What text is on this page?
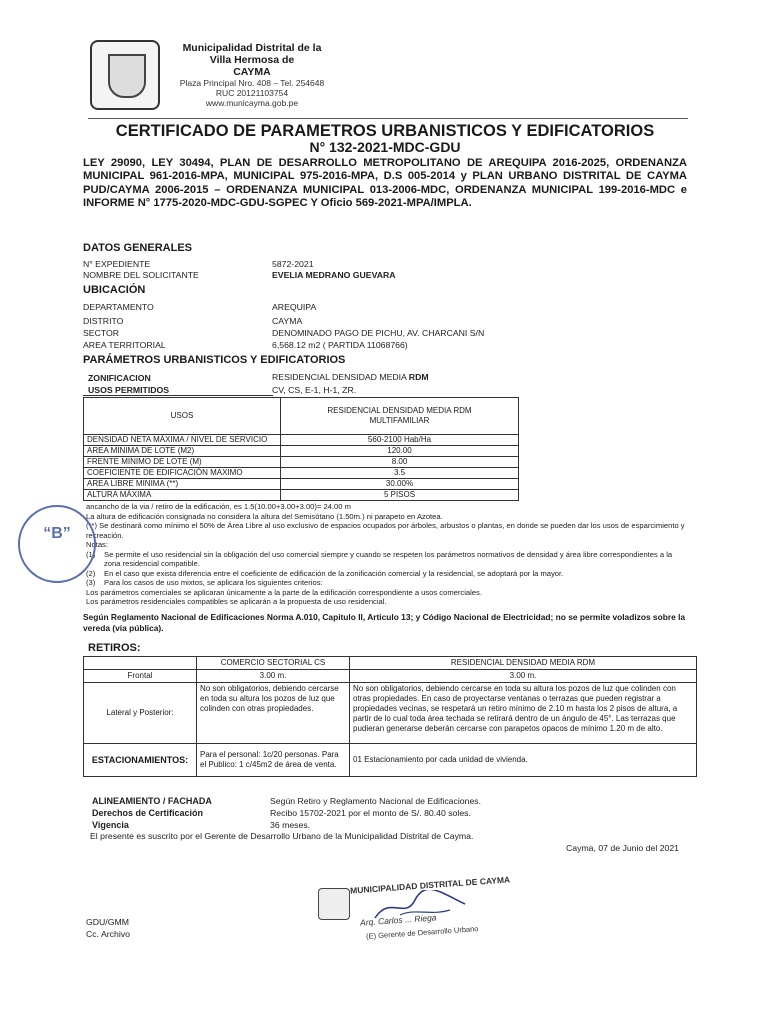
Municipalidad Distrital de la
Villa Hermosa de
CAYMA
Plaza Principal Nro. 408 – Tel. 254648
RUC 20121103754
www.municayma.gob.pe
CERTIFICADO DE PARAMETROS URBANISTICOS Y EDIFICATORIOS
N° 132-2021-MDC-GDU
LEY 29090, LEY 30494, PLAN DE DESARROLLO METROPOLITANO DE AREQUIPA 2016-2025, ORDENANZA MUNICIPAL 961-2016-MPA, MUNICIPAL 975-2016-MPA, D.S 005-2014 y PLAN URBANO DISTRITAL DE CAYMA PUD/CAYMA 2006-2015 – ORDENANZA MUNICIPAL 013-2006-MDC, ORDENANZA MUNICIPAL 199-2016-MDC e INFORME N° 1775-2020-MDC-GDU-SGPEC Y Oficio 569-2021-MPA/IMPLA.
DATOS GENERALES
N° EXPEDIENTE	5872-2021
NOMBRE DEL SOLICITANTE	EVELIA MEDRANO GUEVARA
UBICACIÓN
DEPARTAMENTO	AREQUIPA
DISTRITO	CAYMA
SECTOR	DENOMINADO PAGO DE PICHU, AV. CHARCANI S/N
AREA TERRITORIAL	6,568.12 m2 ( PARTIDA 11068766)
PARÁMETROS URBANISTICOS Y EDIFICATORIOS
ZONIFICACION	RESIDENCIAL DENSIDAD MEDIA RDM
USOS PERMITIDOS	CV, CS, E-1, H-1, ZR.
USOS	RESIDENCIAL DENSIDAD MEDIA RDM
MULTIFAMILIAR

DENSIDAD NETA MÁXIMA / NIVEL DE SERVICIO	560-2100 Hab/Ha
AREA MINIMA DE LOTE (M2)	120.00
FRENTE MINIMO DE LOTE (M)	8.00
COEFICIENTE DE EDIFICACIÓN MAXIMO	3.5
AREA LIBRE MINIMA (**)	30.00%
ALTURA MÁXIMA	5 PISOS
ancancho de la via / retiro de la edificación, es 1.5(10.00+3.00+3.00)= 24.00 m
La altura de edificación consignada no considera la altura del Semisótano (1.50m.) ni parapeto en Azotea.
(**) Se destinará como mínimo el 50% de Área Libre al uso exclusivo de espacios ocupados por árboles, arbustos o plantas, en donde se pueden dar los usos de esparcimiento y recreación.
Notas:
(1)	Se permite el uso residencial sin la obligación del uso comercial siempre y cuando se respeten los parámetros normativos de densidad y área libre correspondientes a la zona residencial compatible.
(2)	En el caso que exista diferencia entre el coeficiente de edificación de la zonificación comercial y la residencial, se adoptará por la mayor.
(3)	Para los casos de uso mixtos, se aplicara los siguientes criterios:
Los parámetros comerciales se aplicaran únicamente a la parte de la edificación correspondiente a usos comerciales.
Los parámetros residenciales compatibles se aplicarán a la propuesta de uso residencial.
Según Reglamento Nacional de Edificaciones Norma A.010, Capitulo II, Articulo 13; y Código Nacional de Electricidad; no se permite voladizos sobre la vereda (vía pública).
“B”
RETIROS:
	COMERCIO SECTORIAL CS	RESIDENCIAL DENSIDAD MEDIA RDM
Frontal	3.00 m.	3.00 m.
Lateral y Posterior:	No son obligatorios, debiendo cercarse en toda su altura los pozos de luz que colinden con otras propiedades.	No son obligatorios, debiendo cercarse en toda su altura los pozos de luz que colinden con otras propiedades. En caso de proyectarse ventanas o terrazas que pueden registrar a propiedades vecinas, se respetará un retiro mínimo de 2.10 m hasta los 2 pisos de altura, a partir de lo cual toda área techada se retirará dentro de un ángulo de 45°. Las terrazas que pudieran generarse deberán cercarse con parapetos opacos de mínimo 1.20 m de alto.
ESTACIONAMIENTOS:	Para el personal: 1c/20 personas. Para el Publico: 1 c/45m2 de área de venta.	01 Estacionamiento por cada unidad de vivienda.
ALINEAMIENTO / FACHADA	Según Retiro y Reglamento Nacional de Edificaciones.
Derechos de Certificación	Recibo 15702-2021 por el monto de S/. 80.40 soles.
Vigencia	36 meses.
El presente es suscrito por el Gerente de Desarrollo Urbano de la Municipalidad Distrital de Cayma.
Cayma, 07 de Junio del 2021
MUNICIPALIDAD DISTRITAL DE CAYMA
Arq. Carlos ... Riega
(E) Gerente de Desarrollo Urbano
GDU/GMM
Cc. Archivo
